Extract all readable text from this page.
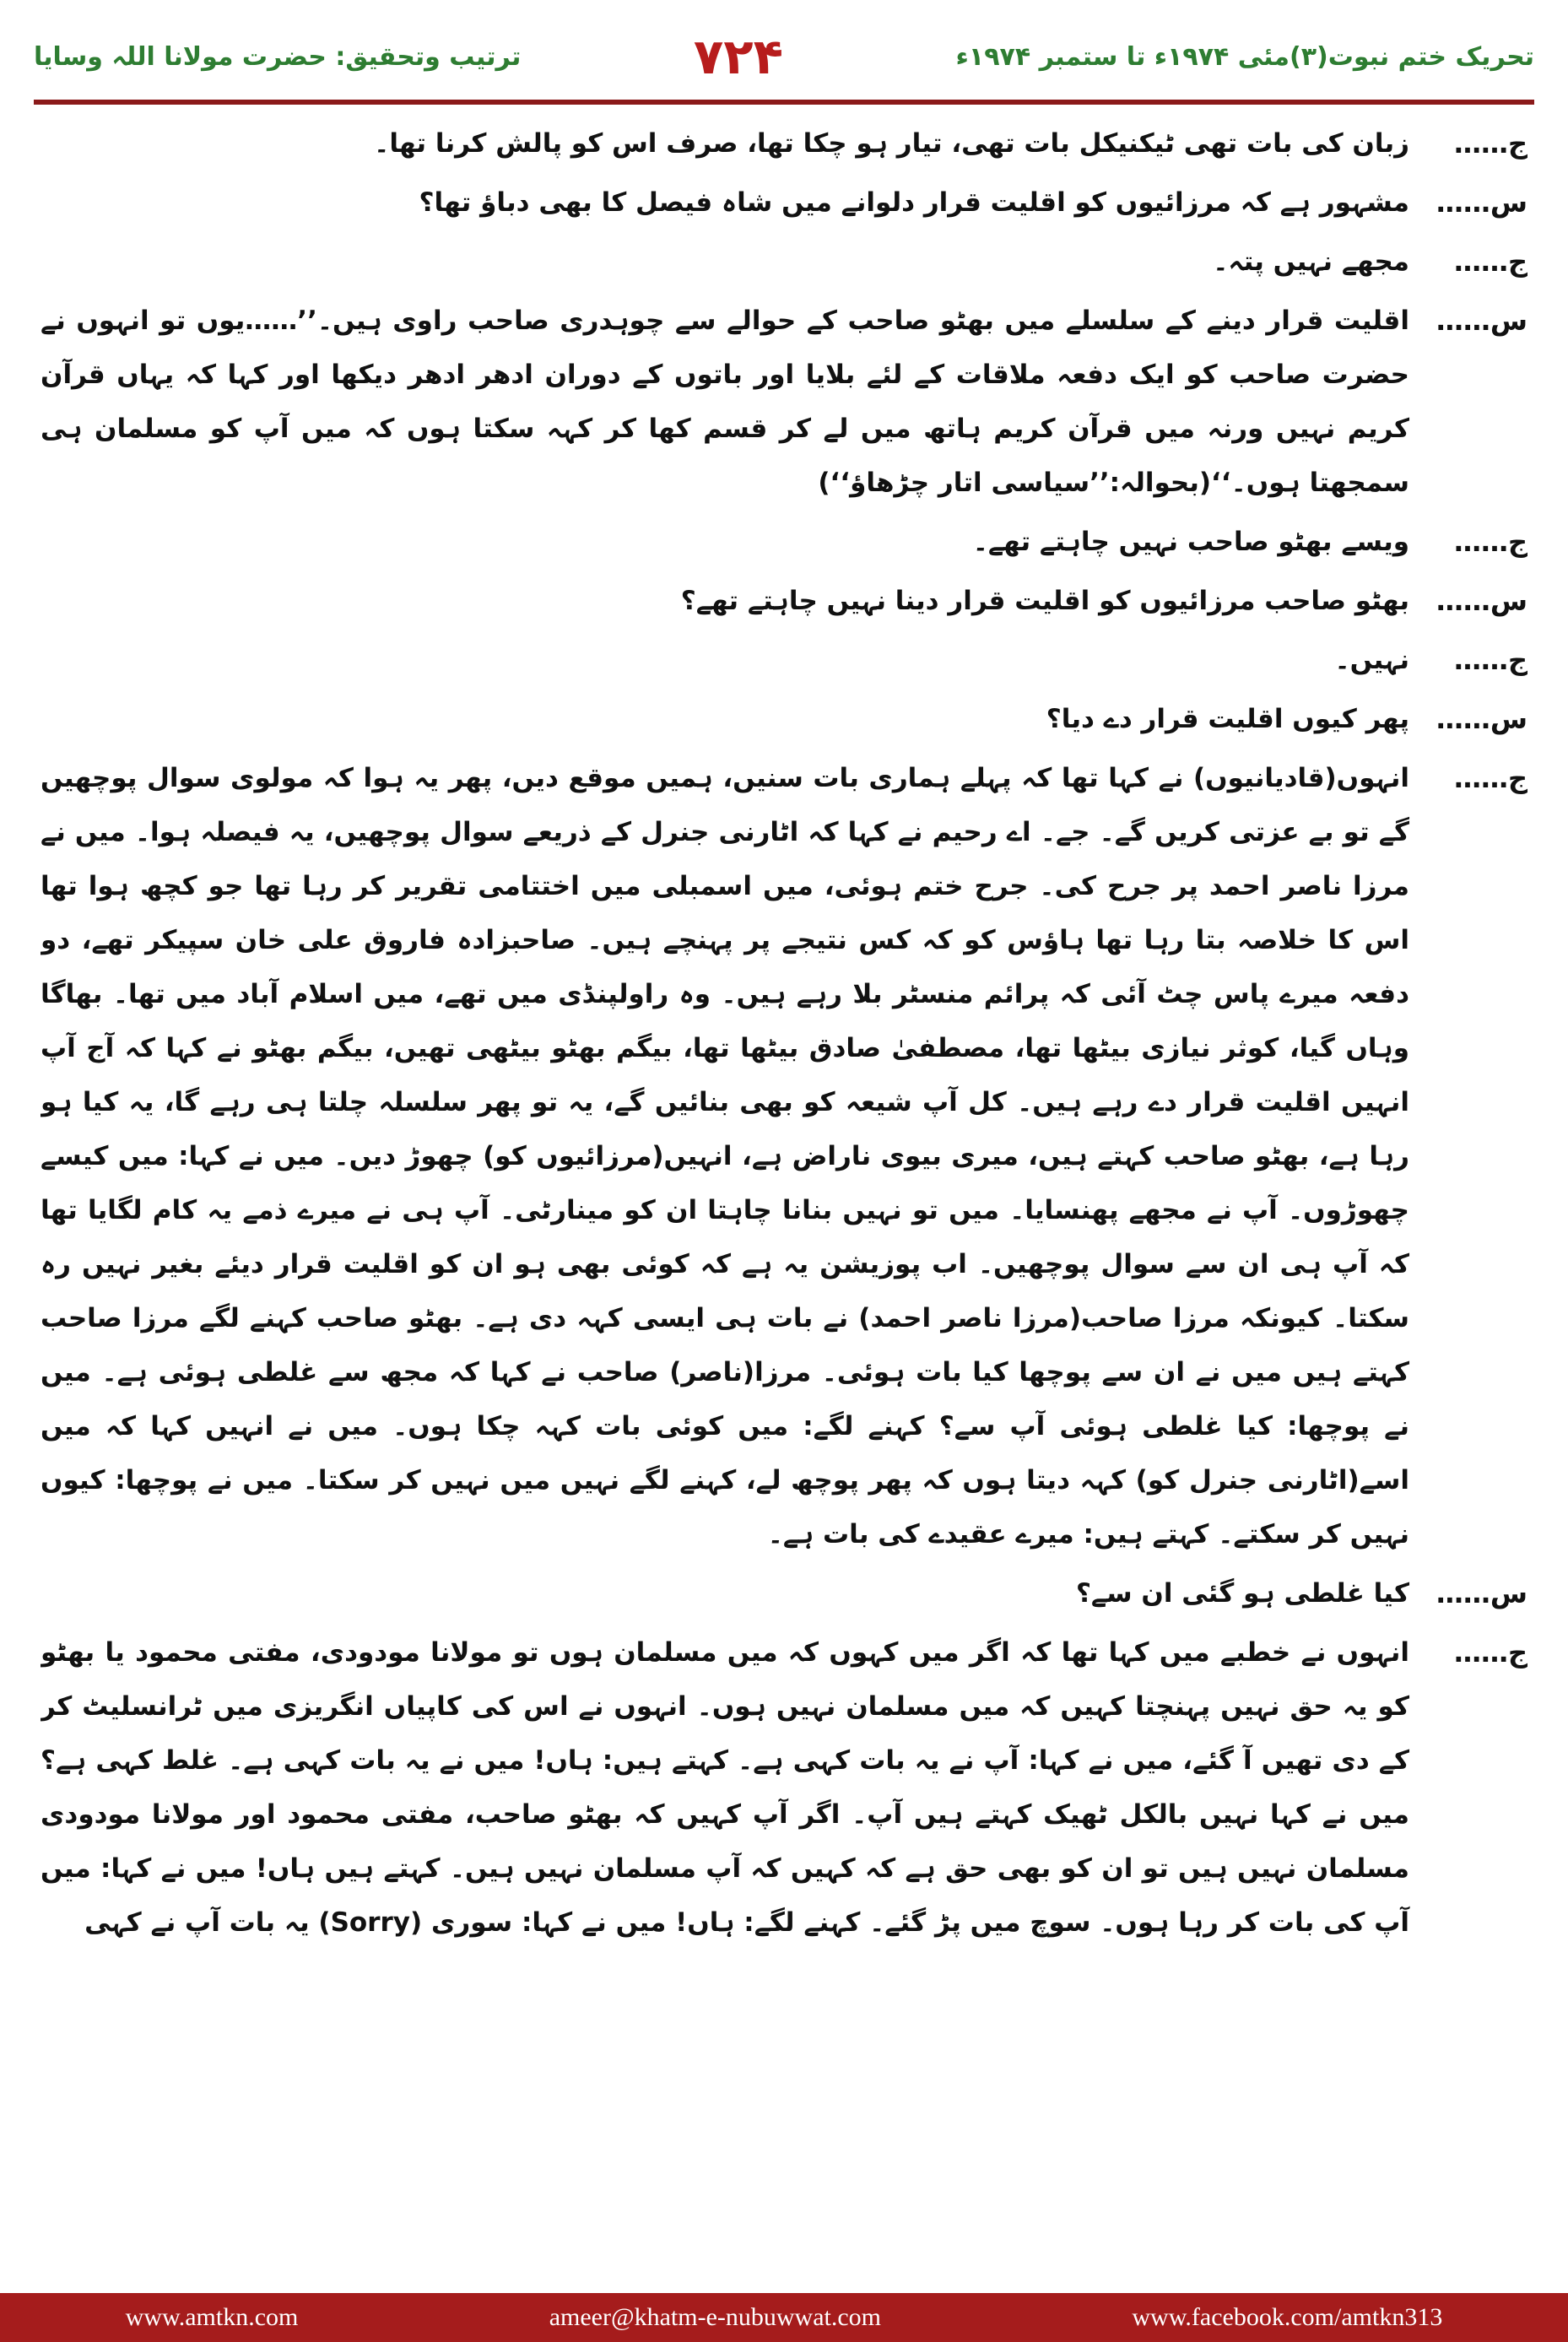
تحریک ختم نبوت(۳)مئی ۱۹۷۴ء تا ستمبر ۱۹۷۴ء
۷۲۴
ترتیب وتحقیق: حضرت مولانا اللہ وسایا
ج……
زبان کی بات تھی ٹیکنیکل بات تھی، تیار ہو چکا تھا، صرف اس کو پالش کرنا تھا۔
س……
مشہور ہے کہ مرزائیوں کو اقلیت قرار دلوانے میں شاہ فیصل کا بھی دباؤ تھا؟
ج……
مجھے نہیں پتہ۔
س……
اقلیت قرار دینے کے سلسلے میں بھٹو صاحب کے حوالے سے چوہدری صاحب راوی ہیں۔’’……یوں تو انہوں نے حضرت صاحب کو ایک دفعہ ملاقات کے لئے بلایا اور باتوں کے دوران ادھر ادھر دیکھا اور کہا کہ یہاں قرآن کریم نہیں ورنہ میں قرآن کریم ہاتھ میں لے کر قسم کھا کر کہہ سکتا ہوں کہ میں آپ کو مسلمان ہی سمجھتا ہوں۔‘‘(بحوالہ:’’سیاسی اتار چڑھاؤ‘‘)
ج……
ویسے بھٹو صاحب نہیں چاہتے تھے۔
س……
بھٹو صاحب مرزائیوں کو اقلیت قرار دینا نہیں چاہتے تھے؟
ج……
نہیں۔
س……
پھر کیوں اقلیت قرار دے دیا؟
ج……
انہوں(قادیانیوں) نے کہا تھا کہ پہلے ہماری بات سنیں، ہمیں موقع دیں، پھر یہ ہوا کہ مولوی سوال پوچھیں گے تو بے عزتی کریں گے۔ جے۔ اے رحیم نے کہا کہ اٹارنی جنرل کے ذریعے سوال پوچھیں، یہ فیصلہ ہوا۔ میں نے مرزا ناصر احمد پر جرح کی۔ جرح ختم ہوئی، میں اسمبلی میں اختتامی تقریر کر رہا تھا جو کچھ ہوا تھا اس کا خلاصہ بتا رہا تھا ہاؤس کو کہ کس نتیجے پر پہنچے ہیں۔ صاحبزادہ فاروق علی خان سپیکر تھے، دو دفعہ میرے پاس چٹ آئی کہ پرائم منسٹر بلا رہے ہیں۔ وہ راولپنڈی میں تھے، میں اسلام آباد میں تھا۔ بھاگا وہاں گیا، کوثر نیازی بیٹھا تھا، مصطفیٰ صادق بیٹھا تھا، بیگم بھٹو بیٹھی تھیں، بیگم بھٹو نے کہا کہ آج آپ انہیں اقلیت قرار دے رہے ہیں۔ کل آپ شیعہ کو بھی بنائیں گے، یہ تو پھر سلسلہ چلتا ہی رہے گا، یہ کیا ہو رہا ہے، بھٹو صاحب کہتے ہیں، میری بیوی ناراض ہے، انہیں(مرزائیوں کو) چھوڑ دیں۔ میں نے کہا: میں کیسے چھوڑوں۔ آپ نے مجھے پھنسایا۔ میں تو نہیں بنانا چاہتا ان کو مینارٹی۔ آپ ہی نے میرے ذمے یہ کام لگایا تھا کہ آپ ہی ان سے سوال پوچھیں۔ اب پوزیشن یہ ہے کہ کوئی بھی ہو ان کو اقلیت قرار دیئے بغیر نہیں رہ سکتا۔ کیونکہ مرزا صاحب(مرزا ناصر احمد) نے بات ہی ایسی کہہ دی ہے۔ بھٹو صاحب کہنے لگے مرزا صاحب کہتے ہیں میں نے ان سے پوچھا کیا بات ہوئی۔ مرزا(ناصر) صاحب نے کہا کہ مجھ سے غلطی ہوئی ہے۔ میں نے پوچھا: کیا غلطی ہوئی آپ سے؟ کہنے لگے: میں کوئی بات کہہ چکا ہوں۔ میں نے انہیں کہا کہ میں اسے(اٹارنی جنرل کو) کہہ دیتا ہوں کہ پھر پوچھ لے، کہنے لگے نہیں میں نہیں کر سکتا۔ میں نے پوچھا: کیوں نہیں کر سکتے۔ کہتے ہیں: میرے عقیدے کی بات ہے۔
س……
کیا غلطی ہو گئی ان سے؟
ج……
انہوں نے خطبے میں کہا تھا کہ اگر میں کہوں کہ میں مسلمان ہوں تو مولانا مودودی، مفتی محمود یا بھٹو کو یہ حق نہیں پہنچتا کہیں کہ میں مسلمان نہیں ہوں۔ انہوں نے اس کی کاپیاں انگریزی میں ٹرانسلیٹ کر کے دی تھیں آ گئے، میں نے کہا: آپ نے یہ بات کہی ہے۔ کہتے ہیں: ہاں! میں نے یہ بات کہی ہے۔ غلط کہی ہے؟ میں نے کہا نہیں بالکل ٹھیک کہتے ہیں آپ۔ اگر آپ کہیں کہ بھٹو صاحب، مفتی محمود اور مولانا مودودی مسلمان نہیں ہیں تو ان کو بھی حق ہے کہ کہیں کہ آپ مسلمان نہیں ہیں۔ کہتے ہیں ہاں! میں نے کہا: میں آپ کی بات کر رہا ہوں۔ سوچ میں پڑ گئے۔ کہنے لگے: ہاں! میں نے کہا: سوری (Sorry) یہ بات آپ نے کہی
www.amtkn.com	ameer@khatm-e-nubuwwat.com	www.facebook.com/amtkn313
